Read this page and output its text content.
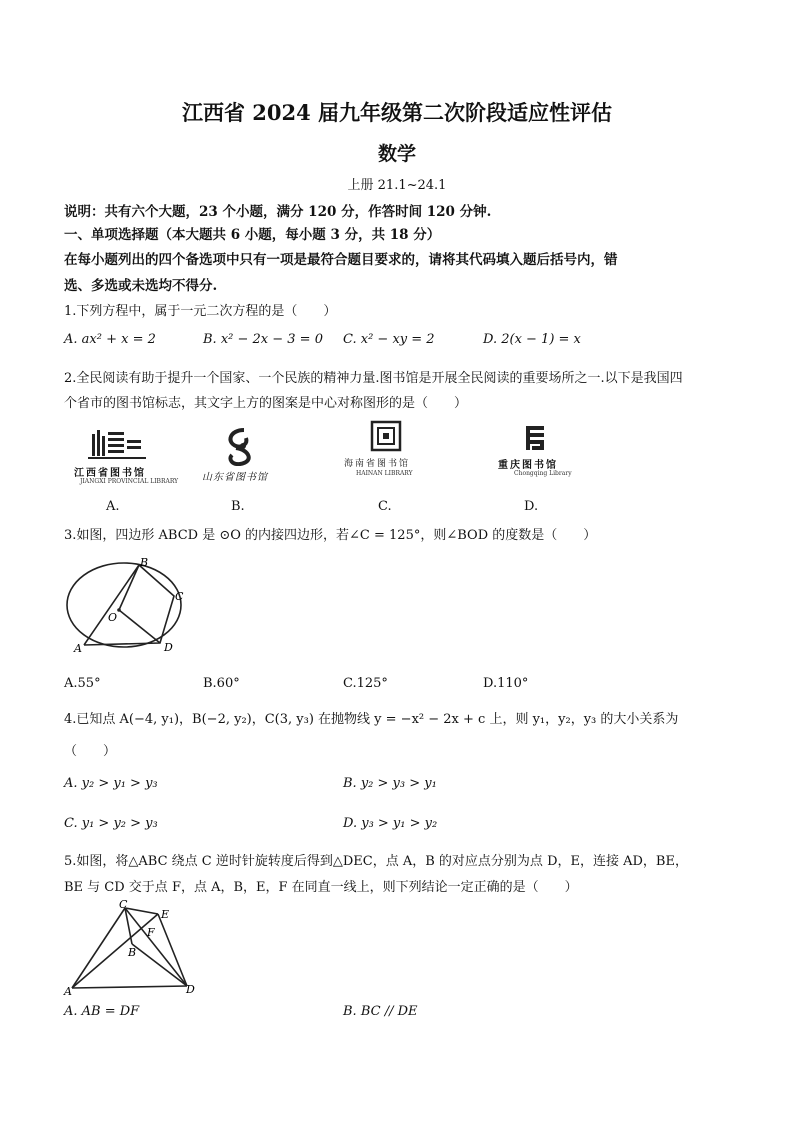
江西省 2024 届九年级第二次阶段适应性评估
数学
上册 21.1~24.1
说明：共有六个大题，23 个小题，满分 120 分，作答时间 120 分钟.
一、单项选择题（本大题共 6 小题，每小题 3 分，共 18 分）
在每小题列出的四个备选项中只有一项是最符合题目要求的，请将其代码填入题后括号内，错
选、多选或未选均不得分.
1.下列方程中，属于一元二次方程的是（　　）
A. ax² + x = 2	B. x² − 2x − 3 = 0 C. x² − xy = 2	D. 2(x − 1) = x
2.全民阅读有助于提升一个国家、一个民族的精神力量.图书馆是开展全民阅读的重要场所之一.以下是我国四
个省市的图书馆标志，其文字上方的图案是中心对称图形的是（　　）
江西省图书馆
JIANGXI PROVINCIAL LIBRARY
A.
山东省图书馆
B.
海南省图书馆
HAINAN LIBRARY
C.
重庆图书馆
Chongqing Library
D.
3.如图，四边形 ABCD 是 ⊙O 的内接四边形，若∠C = 125°，则∠BOD 的度数是（　　）
B
C
D
A
O
A.55°	B.60°	C.125°	D.110°
4.已知点 A(−4, y₁)，B(−2, y₂)，C(3, y₃) 在抛物线 y = −x² − 2x + c 上，则 y₁，y₂，y₃ 的大小关系为
（　　）
A. y₂ > y₁ > y₃	B. y₂ > y₃ > y₁
C. y₁ > y₂ > y₃	D. y₃ > y₁ > y₂
5.如图，将△ABC 绕点 C 逆时针旋转度后得到△DEC，点 A，B 的对应点分别为点 D，E，连接 AD，BE，
BE 与 CD 交于点 F，点 A，B，E，F 在同直一线上，则下列结论一定正确的是（　　）
C
E
F
B
A	D
A. AB = DF	B. BC // DE
